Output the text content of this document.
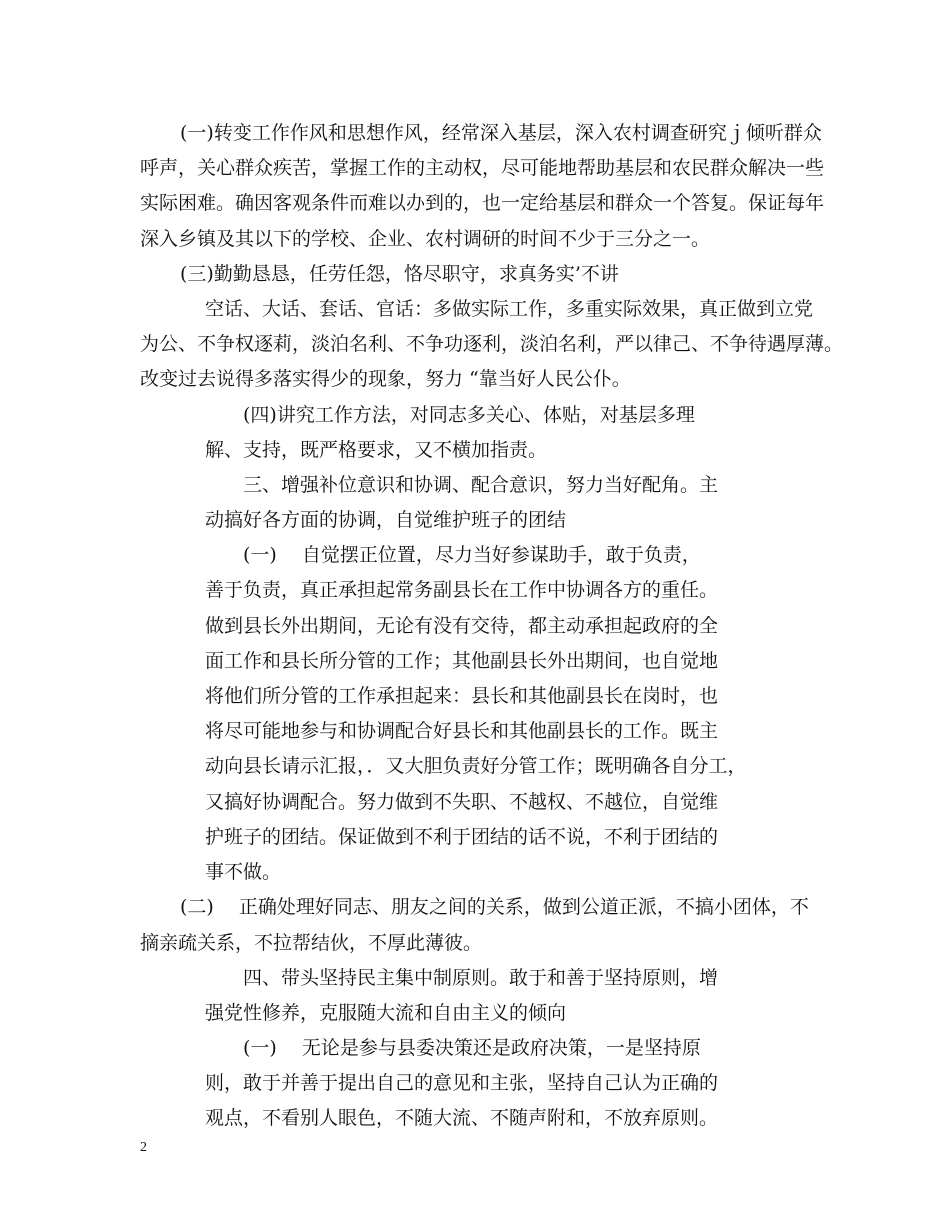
(一)转变工作作风和思想作风，经常深入基层，深入农村调查研究ｊ倾听群众

呼声，关心群众疾苦，掌握工作的主动权，尽可能地帮助基层和农民群众解决一些

实际困难。确因客观条件而难以办到的，也一定给基层和群众一个答复。保证每年

深入乡镇及其以下的学校、企业、农村调研的时间不少于三分之一。

(三)勤勤恳恳，任劳任怨，恪尽职守，求真务实’不讲

空话、大话、套话、官话：多做实际工作，多重实际效果，真正做到立党

为公、不争权逐莉，淡泊名利、不争功逐利，淡泊名利，严以律己、不争待遇厚薄。

改变过去说得多落实得少的现象，努力 “靠当好人民公仆。

(四)讲究工作方法，对同志多关心、体贴，对基层多理

解、支持，既严格要求，又不横加指责。

三、增强补位意识和协调、配合意识，努力当好配角。主

动搞好各方面的协调，自觉维护班子的团结

(一)　 自觉摆正位置，尽力当好参谋助手，敢于负责，

善于负责，真正承担起常务副县长在工作中协调各方的重任。

做到县长外出期间，无论有没有交待，都主动承担起政府的全

面工作和县长所分管的工作；其他副县长外出期间，也自觉地

将他们所分管的工作承担起来：县长和其他副县长在岗时，也

将尽可能地参与和协调配合好县长和其他副县长的工作。既主

动向县长请示汇报，．又大胆负责好分管工作；既明确各自分工，

又搞好协调配合。努力做到不失职、不越权、不越位，自觉维

护班子的团结。保证做到不利于团结的话不说，不利于团结的

事不做。

(二)　 正确处理好同志、朋友之间的关系，做到公道正派，不搞小团体，不

摘亲疏关系，不拉帮结伙，不厚此薄彼。

四、带头坚持民主集中制原则。敢于和善于坚持原则，增

强党性修养，克服随大流和自由主义的倾向

(一)　 无论是参与县委决策还是政府决策，一是坚持原

则，敢于并善于提出自己的意见和主张，坚持自己认为正确的

观点，不看别人眼色，不随大流、不随声附和，不放弃原则。

2
